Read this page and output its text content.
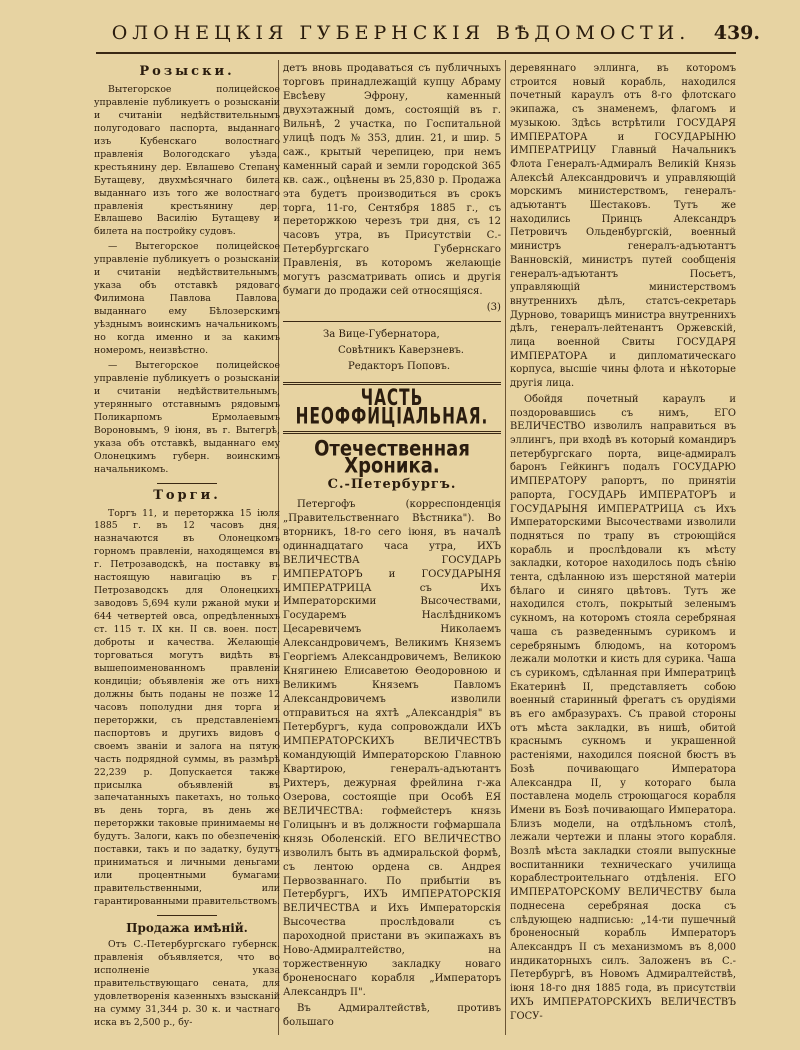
ОЛОНЕЦКІЯ ГУБЕРНСКІЯ ВѢДОМОСТИ.	439.
Розыски.

Вытегорское полицейское управленіе публикуетъ о розысканіи и считаніи недѣйствительнымъ полугодоваго паспорта, выданнаго изъ Кубенскаго волостнаго правленія Вологодскаго уѣзда, крестьянину дер. Евлашево Степану Бутащеву, двухмѣсячнаго билета выданнаго изъ того же волостнаго правленія крестьянину дер. Евлашево Василію Бутащеву и билета на постройку судовъ.

— Вытегорское полицейское управленіе публикуетъ о розысканіи и считаніи недѣйствительнымъ, указа объ отставкѣ рядоваго Филимона Павлова Павлова, выданнаго ему Бѣлозерскимъ уѣзднымъ воинскимъ начальникомъ, но когда именно и за какимъ номеромъ, неизвѣстно.

— Вытегорское полицейское управленіе публикуетъ о розысканіи и считаніи недѣйствительнымъ, утерянныго отставнымъ рядовымъ Поликарпомъ Ермолаевымъ Вороновымъ, 9 іюня, въ г. Вытегрѣ, указа объ отставкѣ, выданнаго ему Олонецкимъ губерн. воинскимъ начальникомъ.

Торги.

Торгъ 11, и переторжка 15 іюля 1885 г. въ 12 часовъ дня, назначаются въ Олонецкомъ горномъ правленіи, находящемся въ г. Петрозаводскѣ, на поставку въ настоящую навигацію въ г. Петрозаводскъ для Олонецкихъ заводовъ 5,694 кули ржаной муки и 644 четвертей овса, опредѣленныхъ ст. 115 т. IX кн. II св. воен. пост. доброты и качества. Желающіе торговаться могутъ видѣть въ вышепоименованномъ правленіи кондиціи; объявленія же отъ нихъ должны быть поданы не позже 12 часовъ пополудни дня торга и переторжки, съ представленіемъ паспортовъ и другихъ видовъ о своемъ званіи и залога на пятую часть подрядной суммы, въ размѣрѣ 22,239 р. Допускается также присылка объявленій въ запечатанныхъ пакетахъ, но только въ день торга, въ день же переторжки таковые принимаемы не будутъ. Залоги, какъ по обезпеченію поставки, такъ и по задатку, будутъ приниматься и личными деньгами или процентными бумагами правительственными, или гарантированными правительствомъ.

Продажа имѣній.

Отъ С.-Петербургскаго губернск. правленія объявляется, что во исполненіе указа правительствующаго сената, для удовлетворенія казенныхъ взысканій на сумму 31,344 р. 30 к. и частнаго иска въ 2,500 р., бу-

детъ вновь продаваться съ публичныхъ торговъ принадлежащій купцу Абраму Евсѣеву Эфрону, каменный двухэтажный домъ, состоящій въ г. Вильнѣ, 2 участка, по Госпитальной улицѣ подъ № 353, длин. 21, и шир. 5 саж., крытый черепицею, при немъ каменный сарай и земли городской 365 кв. саж., оцѣнены въ 25,830 р. Продажа эта будетъ производиться въ срокъ торга, 11-го, Сентября 1885 г., съ переторжкою черезъ три дня, съ 12 часовъ утра, въ Присутствіи С.-Петербургскаго Губернскаго Правленія, въ которомъ желающіе могутъ разсматривать опись и другія бумаги до продажи сей относящіяся.

(3)

За Вице-Губернатора,

Совѣтникъ Каверзневъ.

Редакторъ Поповъ.

ЧАСТЬ НЕОФФИЦІАЛЬНАЯ.
Отечественная Хроника.
С.-Петербургъ.

Петергофъ (корреспонденція „Правительственнаго Вѣстника"). Во вторникъ, 18-го сего іюня, въ началѣ одиннадцатаго часа утра, ИХЪ ВЕЛИЧЕСТВА ГОСУДАРЬ ИМПЕРАТОРЪ и ГОСУДАРЫНЯ ИМПЕРАТРИЦА съ Ихъ Императорскими Высочествами, Государемъ Наслѣдникомъ Цесаревичемъ Николаемъ Александровичемъ, Великимъ Княземъ Георгіемъ Александровичемъ, Великою Княгинею Елисаветою Ѳеодоровною и Великимъ Княземъ Павломъ Александровичемъ изволили отправиться на яхтѣ „Александрія" въ Петербургъ, куда сопровождали ИХЪ ИМПЕРАТОРСКИХЪ ВЕЛИЧЕСТВЪ командующій Императорскою Главною Квартирою, генералъ-адъютантъ Рихтеръ, дежурная фрейлина г-жа Озерова, состоящіе при Особѣ ЕЯ ВЕЛИЧЕСТВА: гофмейстеръ князь Голицынъ и въ должности гофмаршала князь Оболенскій. ЕГО ВЕЛИЧЕСТВО изволилъ быть въ адмиральской формѣ, съ лентою ордена св. Андрея Первозваннаго. По прибытіи въ Петербургъ, ИХЪ ИМПЕРАТОРСКІЯ ВЕЛИЧЕСТВА и Ихъ Императорскія Высочества прослѣдовали съ пароходной пристани въ экипажахъ въ Ново-Адмиралтейство, на торжественную закладку новаго броненоснаго корабля „Императоръ Александръ II".

Въ Адмиралтействѣ, противъ большаго

деревяннаго эллинга, въ которомъ строится новый корабль, находился почетный караулъ отъ 8-го флотскаго экипажа, съ знаменемъ, флагомъ и музыкою. Здѣсь встрѣтили ГОСУДАРЯ ИМПЕРАТОРА и ГОСУДАРЫНЮ ИМПЕРАТРИЦУ Главный Начальникъ Флота Генералъ-Адмиралъ Великій Князь Алексѣй Александровичъ и управляющій морскимъ министерствомъ, генералъ-адъютантъ Шестаковъ. Тутъ же находились Принцъ Александръ Петровичъ Ольденбургскій, военный министръ генералъ-адъютантъ Ванновскій, министръ путей сообщенія генералъ-адъютантъ Посьетъ, управляющій министерствомъ внутреннихъ дѣлъ, статсъ-секретарь Дурново, товарищъ министра внутреннихъ дѣлъ, генералъ-лейтенантъ Оржевскій, лица военной Свиты ГОСУДАРЯ ИМПЕРАТОРА и дипломатическаго корпуса, высшіе чины флота и нѣкоторые другія лица.

Обойдя почетный караулъ и поздоровавшись съ нимъ, ЕГО ВЕЛИЧЕСТВО изволилъ направиться въ эллингъ, при входѣ въ который командиръ петербургскаго порта, вице-адмиралъ баронъ Гейкингъ подалъ ГОСУДАРЮ ИМПЕРАТОРУ рапортъ, по принятіи рапорта, ГОСУДАРЬ ИМПЕРАТОРЪ и ГОСУДАРЫНЯ ИМПЕРАТРИЦА съ Ихъ Императорскими Высочествами изволили подняться по трапу въ строющійся корабль и прослѣдовали къ мѣсту закладки, которое находилось подъ сѣнію тента, сдѣланною изъ шерстяной матеріи бѣлаго и синяго цвѣтовъ. Тутъ же находился столъ, покрытый зеленымъ сукномъ, на которомъ стояла серебряная чаша съ разведеннымъ сурикомъ и серебрянымъ блюдомъ, на которомъ лежали молотки и кисть для сурика. Чаша съ сурикомъ, сдѣланная при Императрицѣ Екатеринѣ II, представляетъ собою военный старинный фрегатъ съ орудіями въ его амбразурахъ. Съ правой стороны отъ мѣста закладки, въ нишѣ, обитой краснымъ сукномъ и украшенной растеніями, находился поясной бюстъ въ Бозѣ почивающаго Императора Александра II, у котораго была поставлена модель строющагося корабля Имени въ Бозѣ почивающаго Императора. Близъ модели, на отдѣльномъ столѣ, лежали чертежи и планы этого корабля. Возлѣ мѣста закладки стояли выпускные воспитанники техническаго училища кораблестроительнаго отдѣленія. ЕГО ИМПЕРАТОРСКОМУ ВЕЛИЧЕСТВУ была поднесена серебряная доска съ слѣдующею надписью: „14-ти пушечный броненосный корабль Императоръ Александръ II съ механизмомъ въ 8,000 индикаторныхъ силъ. Заложенъ въ С.-Петербургѣ, въ Новомъ Адмиралтействѣ, іюня 18-го дня 1885 года, въ присутствіи ИХЪ ИМПЕРАТОРСКИХЪ ВЕЛИЧЕСТВЪ ГОСУ-
